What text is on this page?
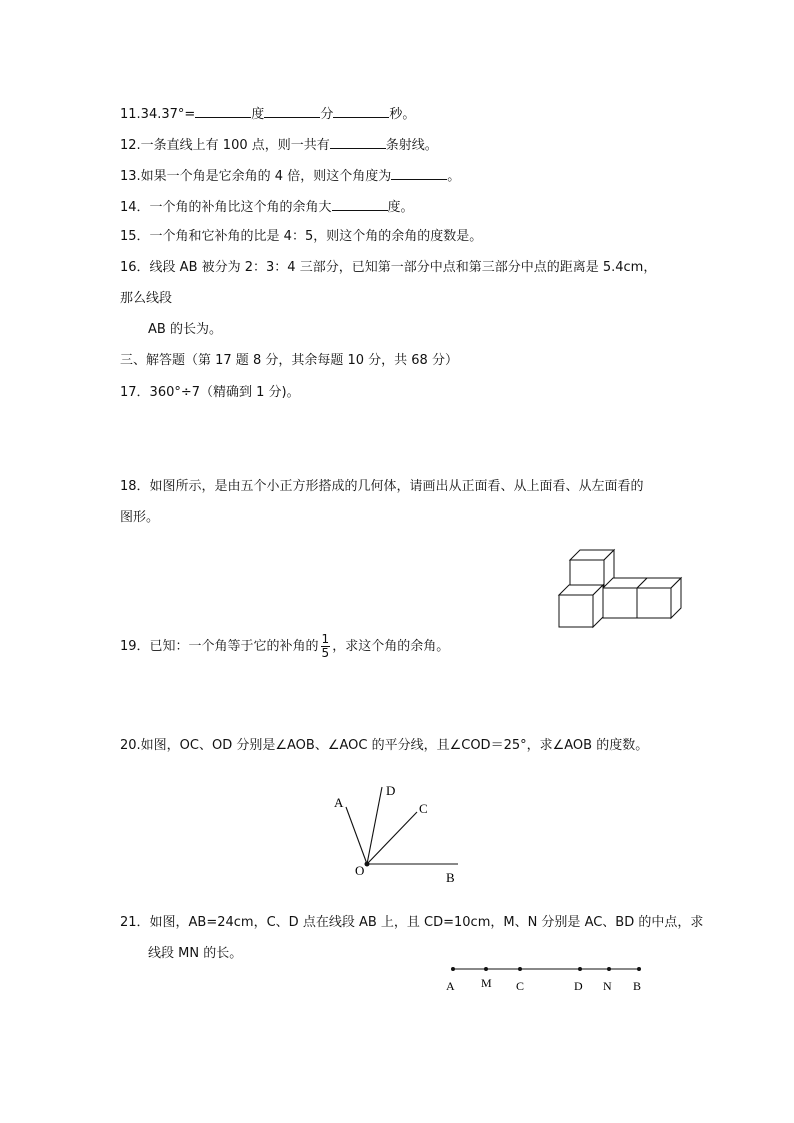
11.34.37°=	度	分	秒。
12.一条直线上有 100 点，则一共有	条射线。
13.如果一个角是它余角的 4 倍，则这个角度为	。
14．一个角的补角比这个角的余角大	度。
15．一个角和它补角的比是 4：5，则这个角的余角的度数是。
16．线段 AB 被分为 2：3：4 三部分，已知第一部分中点和第三部分中点的距离是 5.4cm，
那么线段
AB 的长为。
三、解答题（第 17 题 8 分，其余每题 10 分，共 68 分）
17．360°÷7（精确到 1 分)。
18．如图所示，是由五个小正方形搭成的几何体，请画出从正面看、从上面看、从左面看的
图形。
19．已知：一个角等于它的补角的 $\frac{1}{5}$ ，求这个角的余角。
20.如图，OC、OD 分别是∠AOB、∠AOC 的平分线，且∠COD＝25°，求∠AOB 的度数。
A
D
C
O	B
21．如图，AB=24cm，C、D 点在线段 AB 上，且 CD=10cm，M、N 分别是 AC、BD 的中点，求
线段 MN 的长。
A M C	D N B
